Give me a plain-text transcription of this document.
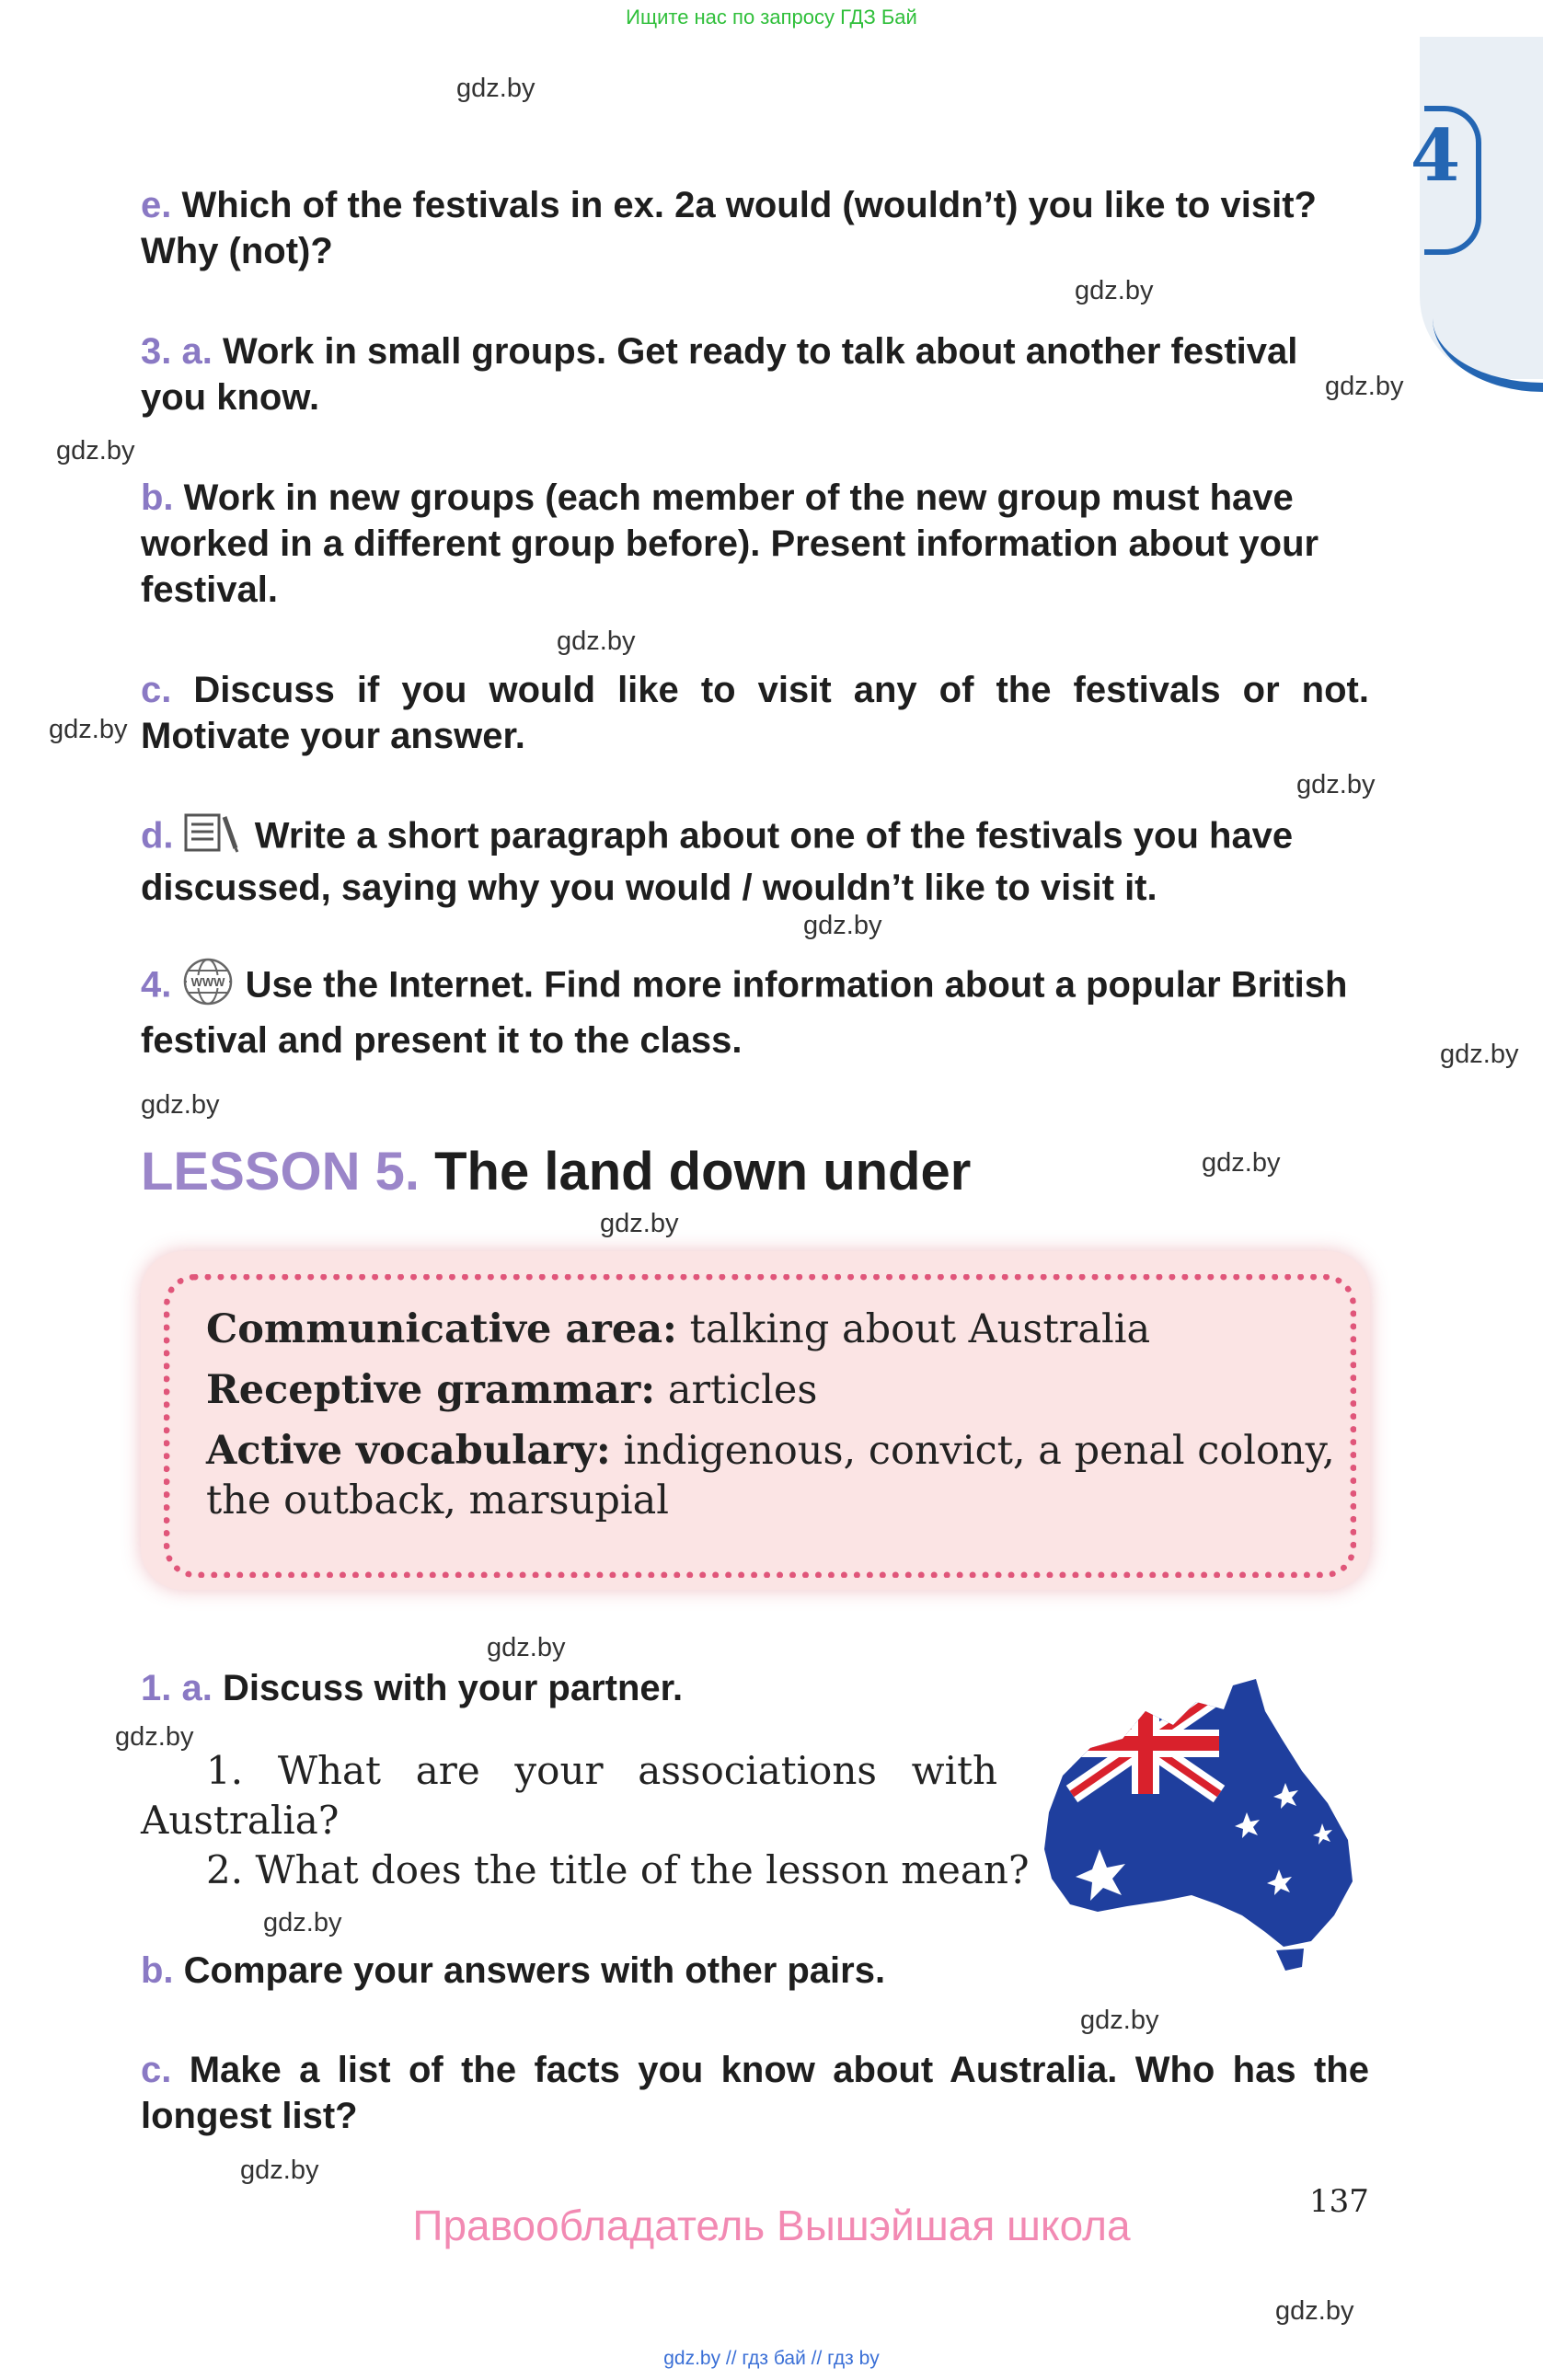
Ищите нас по запросу ГДЗ Бай
4
gdz.by
gdz.by
gdz.by
gdz.by
gdz.by
gdz.by
gdz.by
gdz.by
gdz.by
gdz.by
gdz.by
gdz.by
gdz.by
gdz.by
gdz.by
gdz.by
gdz.by
gdz.by
e. Which of the festivals in ex. 2a would (wouldn’t) you like to visit? Why (not)?
3. a. Work in small groups. Get ready to talk about another festival you know.
b. Work in new groups (each member of the new group must have worked in a different group before). Present information about your festival.
c. Discuss if you would like to visit any of the festivals or not. Motivate your answer.
d. Write a short paragraph about one of the festivals you have discussed, saying why you would / wouldn’t like to visit it.
4. WWW Use the Internet. Find more information about a popular British festival and present it to the class.
LESSON 5. The land down under
Communicative area: talking about Australia
Receptive grammar: articles
Active vocabulary: indigenous, convict, a penal colony,
the outback, marsupial
1. a. Discuss with your partner.
1. What are your associations with
Australia?
2. What does the title of the lesson mean?
b. Compare your answers with other pairs.
c. Make a list of the facts you know about Australia. Who has the longest list?
137
Правообладатель Вышэйшая школа
gdz.by // гдз бай // гдз by
